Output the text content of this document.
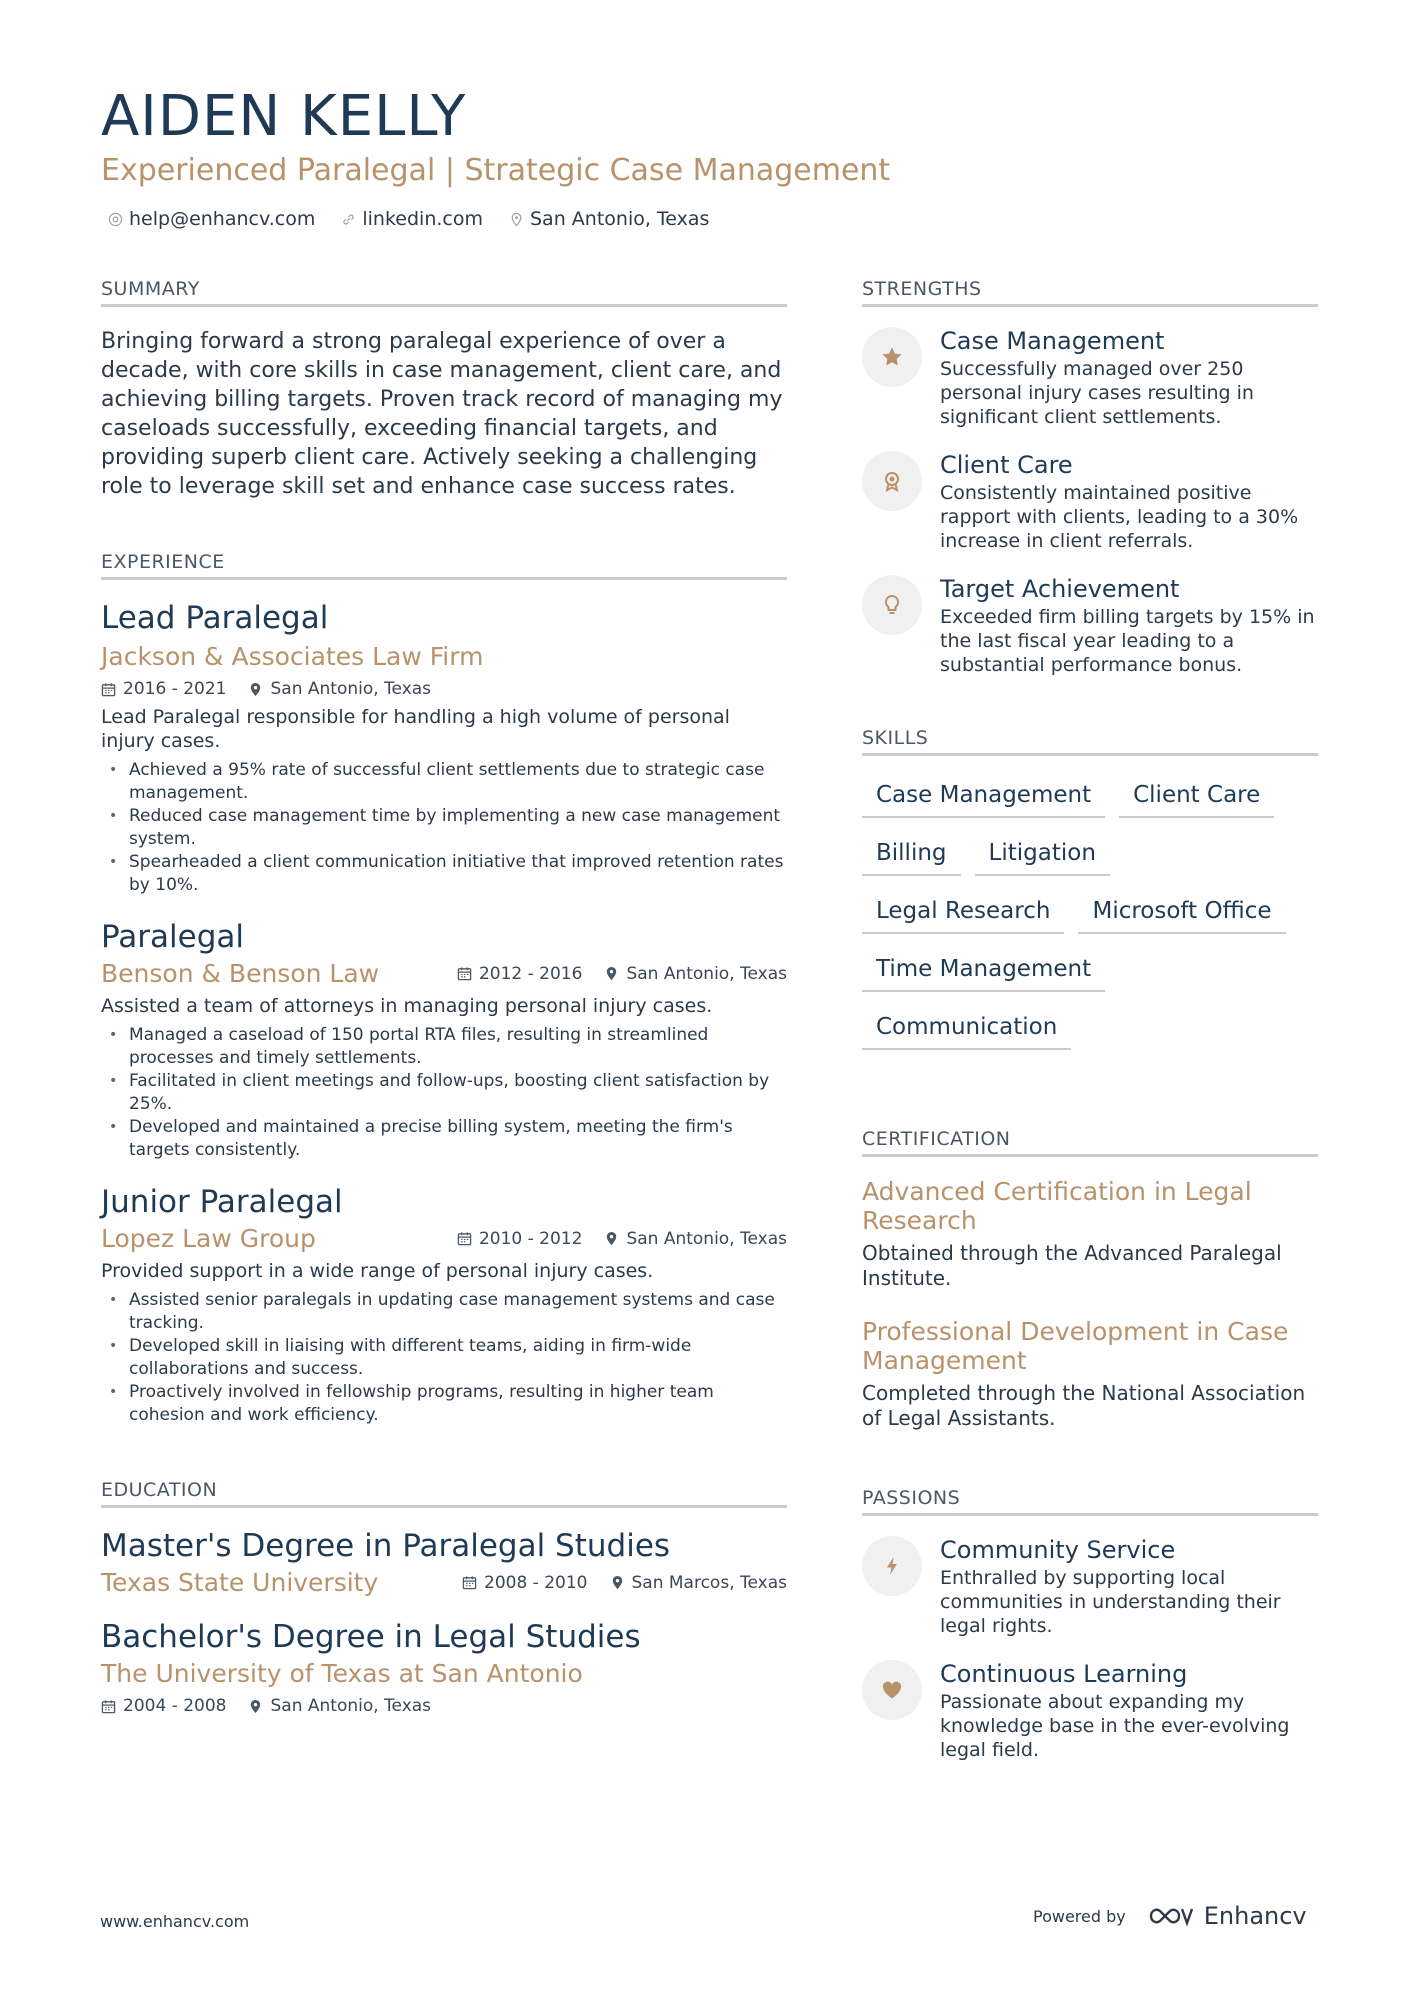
AIDEN KELLY
Experienced Paralegal | Strategic Case Management
help@enhancv.com linkedin.com San Antonio, Texas
SUMMARY
Bringing forward a strong paralegal experience of over a decade, with core skills in case management, client care, and achieving billing targets. Proven track record of managing my caseloads successfully, exceeding financial targets, and providing superb client care. Actively seeking a challenging role to leverage skill set and enhance case success rates.
EXPERIENCE
Lead Paralegal
Jackson & Associates Law Firm
2016 - 2021	San Antonio, Texas
Lead Paralegal responsible for handling a high volume of personal injury cases.
• Achieved a 95% rate of successful client settlements due to strategic case management.
• Reduced case management time by implementing a new case management system.
• Spearheaded a client communication initiative that improved retention rates by 10%.
Paralegal
Benson & Benson Law	2012 - 2016	San Antonio, Texas
Assisted a team of attorneys in managing personal injury cases.
• Managed a caseload of 150 portal RTA files, resulting in streamlined processes and timely settlements.
• Facilitated in client meetings and follow-ups, boosting client satisfaction by 25%.
• Developed and maintained a precise billing system, meeting the firm's targets consistently.
Junior Paralegal
Lopez Law Group	2010 - 2012	San Antonio, Texas
Provided support in a wide range of personal injury cases.
• Assisted senior paralegals in updating case management systems and case tracking.
• Developed skill in liaising with different teams, aiding in firm-wide collaborations and success.
• Proactively involved in fellowship programs, resulting in higher team cohesion and work efficiency.
EDUCATION
Master's Degree in Paralegal Studies
Texas State University	2008 - 2010	San Marcos, Texas
Bachelor's Degree in Legal Studies
The University of Texas at San Antonio
2004 - 2008	San Antonio, Texas
STRENGTHS
Case Management
Successfully managed over 250 personal injury cases resulting in significant client settlements.
Client Care
Consistently maintained positive rapport with clients, leading to a 30% increase in client referrals.
Target Achievement
Exceeded firm billing targets by 15% in the last fiscal year leading to a substantial performance bonus.
SKILLS
Case Management	Client Care
Billing	Litigation
Legal Research	Microsoft Office
Time Management
Communication
CERTIFICATION
Advanced Certification in Legal Research
Obtained through the Advanced Paralegal Institute.
Professional Development in Case Management
Completed through the National Association of Legal Assistants.
PASSIONS
Community Service
Enthralled by supporting local communities in understanding their legal rights.
Continuous Learning
Passionate about expanding my knowledge base in the ever-evolving legal field.
www.enhancv.com	Powered by	Enhancv
